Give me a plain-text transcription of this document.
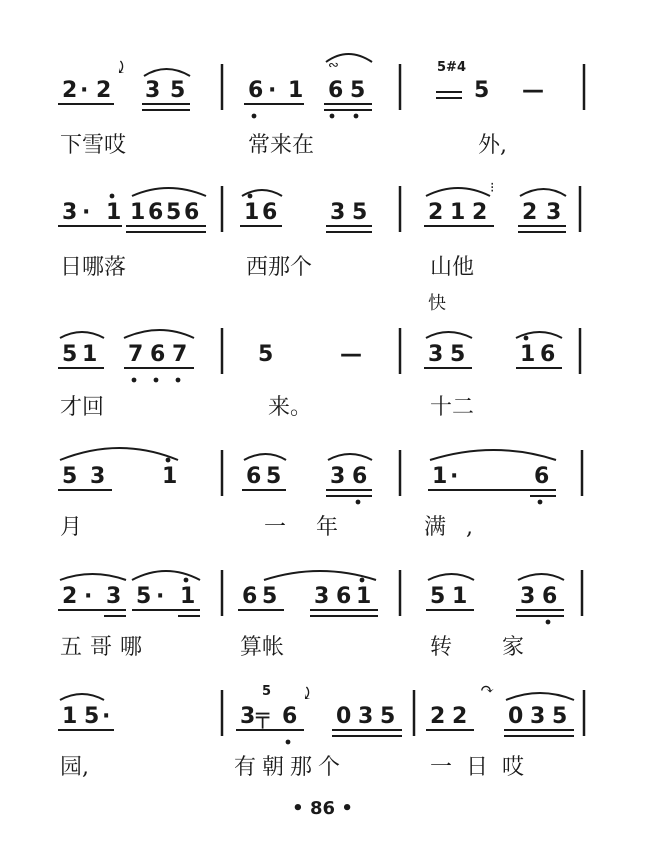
2 · 2
⤸
3 5	6 · 1 6 5
∾	5#4
5 —
下雪哎	常来在	外,
3 · 1 1 6 5 6 1 6 3 5	2 1 2
⁝
2 3
日哪落	西那个	山他
快
5 1 7 6 7	5	—	3 5 1 6
才回	来。	十二
5 3	1	6 5 3 6	1 ·	6
月	一年	满,
2 · 3 5 · 1 6 5 3 6 1	5 1 3 6
五哥哪	算帐	转家
1 5 ·	3
5
╤ 6
⤸
0 3 5 2 2
↷
0 3 5
园,	有朝那个	一日哎
• 86 •
